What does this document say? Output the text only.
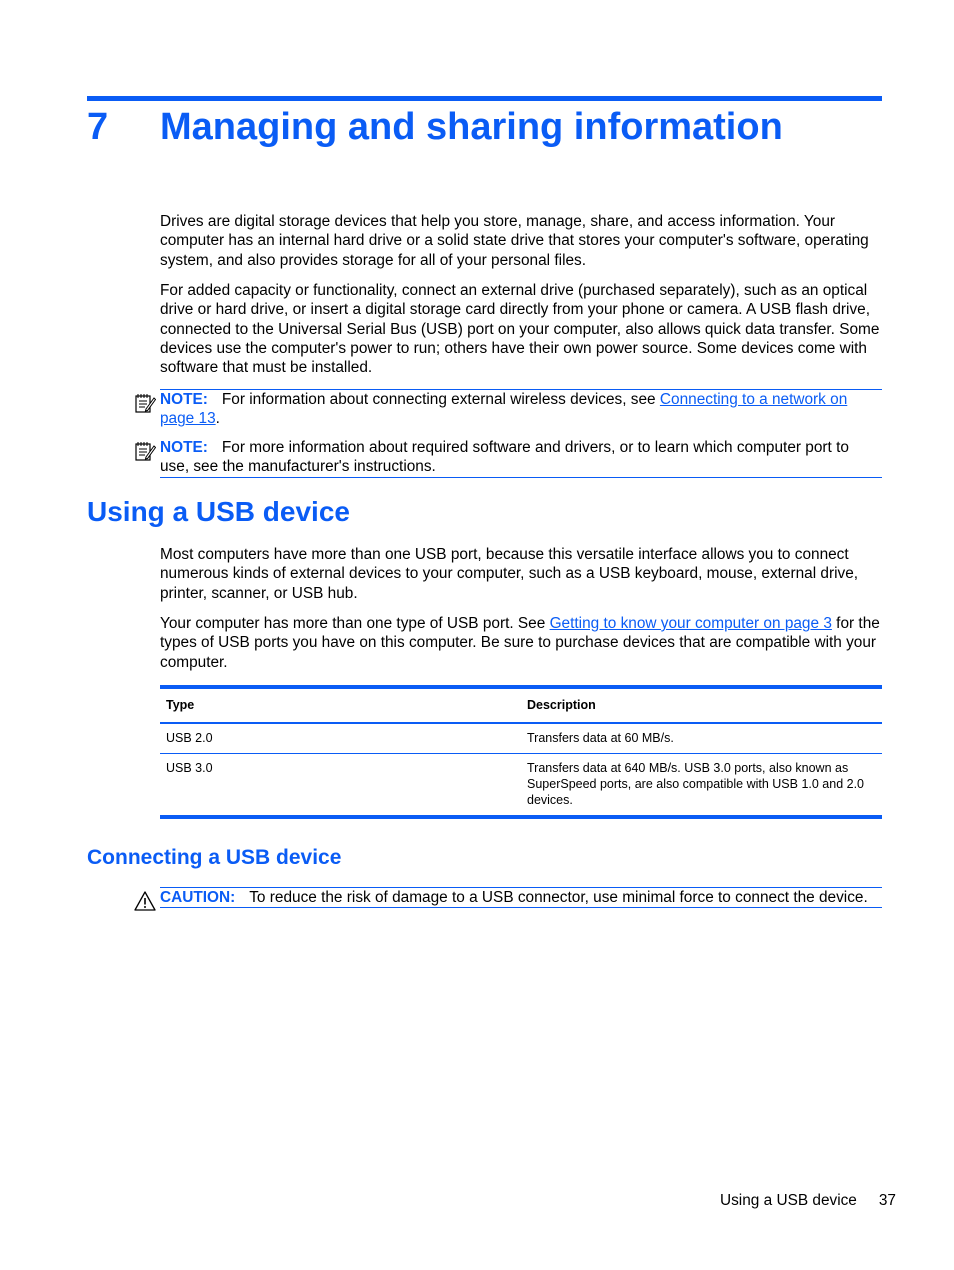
7 Managing and sharing information

Drives are digital storage devices that help you store, manage, share, and access information. Your computer has an internal hard drive or a solid state drive that stores your computer's software, operating system, and also provides storage for all of your personal files.

For added capacity or functionality, connect an external drive (purchased separately), such as an optical drive or hard drive, or insert a digital storage card directly from your phone or camera. A USB flash drive, connected to the Universal Serial Bus (USB) port on your computer, also allows quick data transfer. Some devices use the computer's power to run; others have their own power source. Some devices come with software that must be installed.

NOTE: For information about connecting external wireless devices, see Connecting to a network on page 13.
NOTE: For more information about required software and drivers, or to learn which computer port to use, see the manufacturer's instructions.
Using a USB device

Most computers have more than one USB port, because this versatile interface allows you to connect numerous kinds of external devices to your computer, such as a USB keyboard, mouse, external drive, printer, scanner, or USB hub.

Your computer has more than one type of USB port. See Getting to know your computer on page 3 for the types of USB ports you have on this computer. Be sure to purchase devices that are compatible with your computer.

Type	Description
USB 2.0	Transfers data at 60 MB/s.
USB 3.0	Transfers data at 640 MB/s. USB 3.0 ports, also known as SuperSpeed ports, are also compatible with USB 1.0 and 2.0 devices.
Connecting a USB device
CAUTION: To reduce the risk of damage to a USB connector, use minimal force to connect the device.
Using a USB device 37
